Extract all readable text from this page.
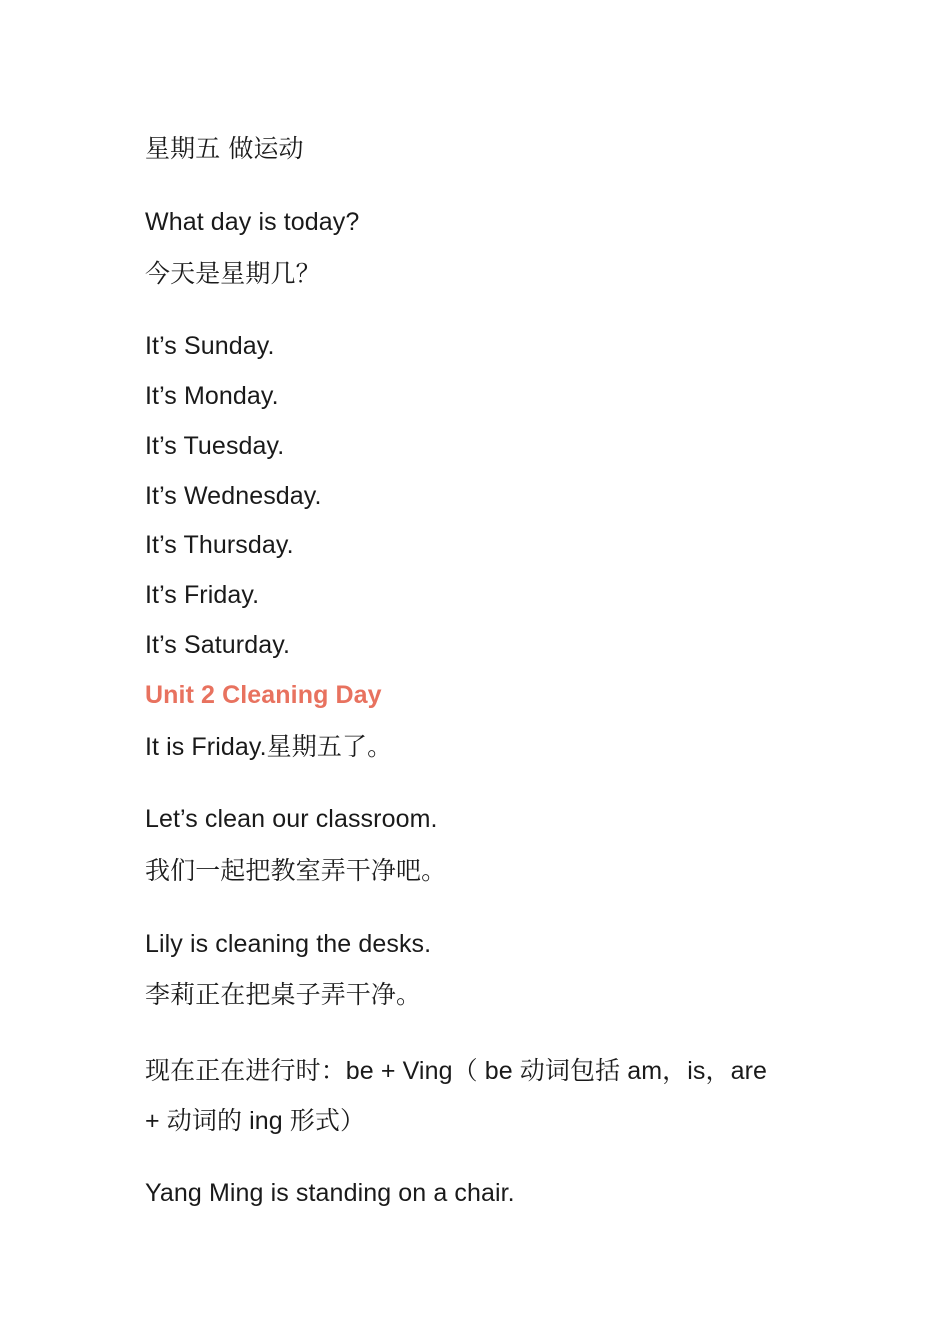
星期五 做运动
What day is today?
今天是星期几？
It’s Sunday.
It’s Monday.
It’s Tuesday.
It’s Wednesday.
It’s Thursday.
It’s Friday.
It’s Saturday.
Unit 2 Cleaning Day
It is Friday.星期五了。
Let’s clean our classroom.
我们一起把教室弄干净吧。
Lily is cleaning the desks.
李莉正在把桌子弄干净。
现在正在进行时：be + Ving（ be 动词包括 am，is，are
+ 动词的 ing 形式）
Yang Ming is standing on a chair.
